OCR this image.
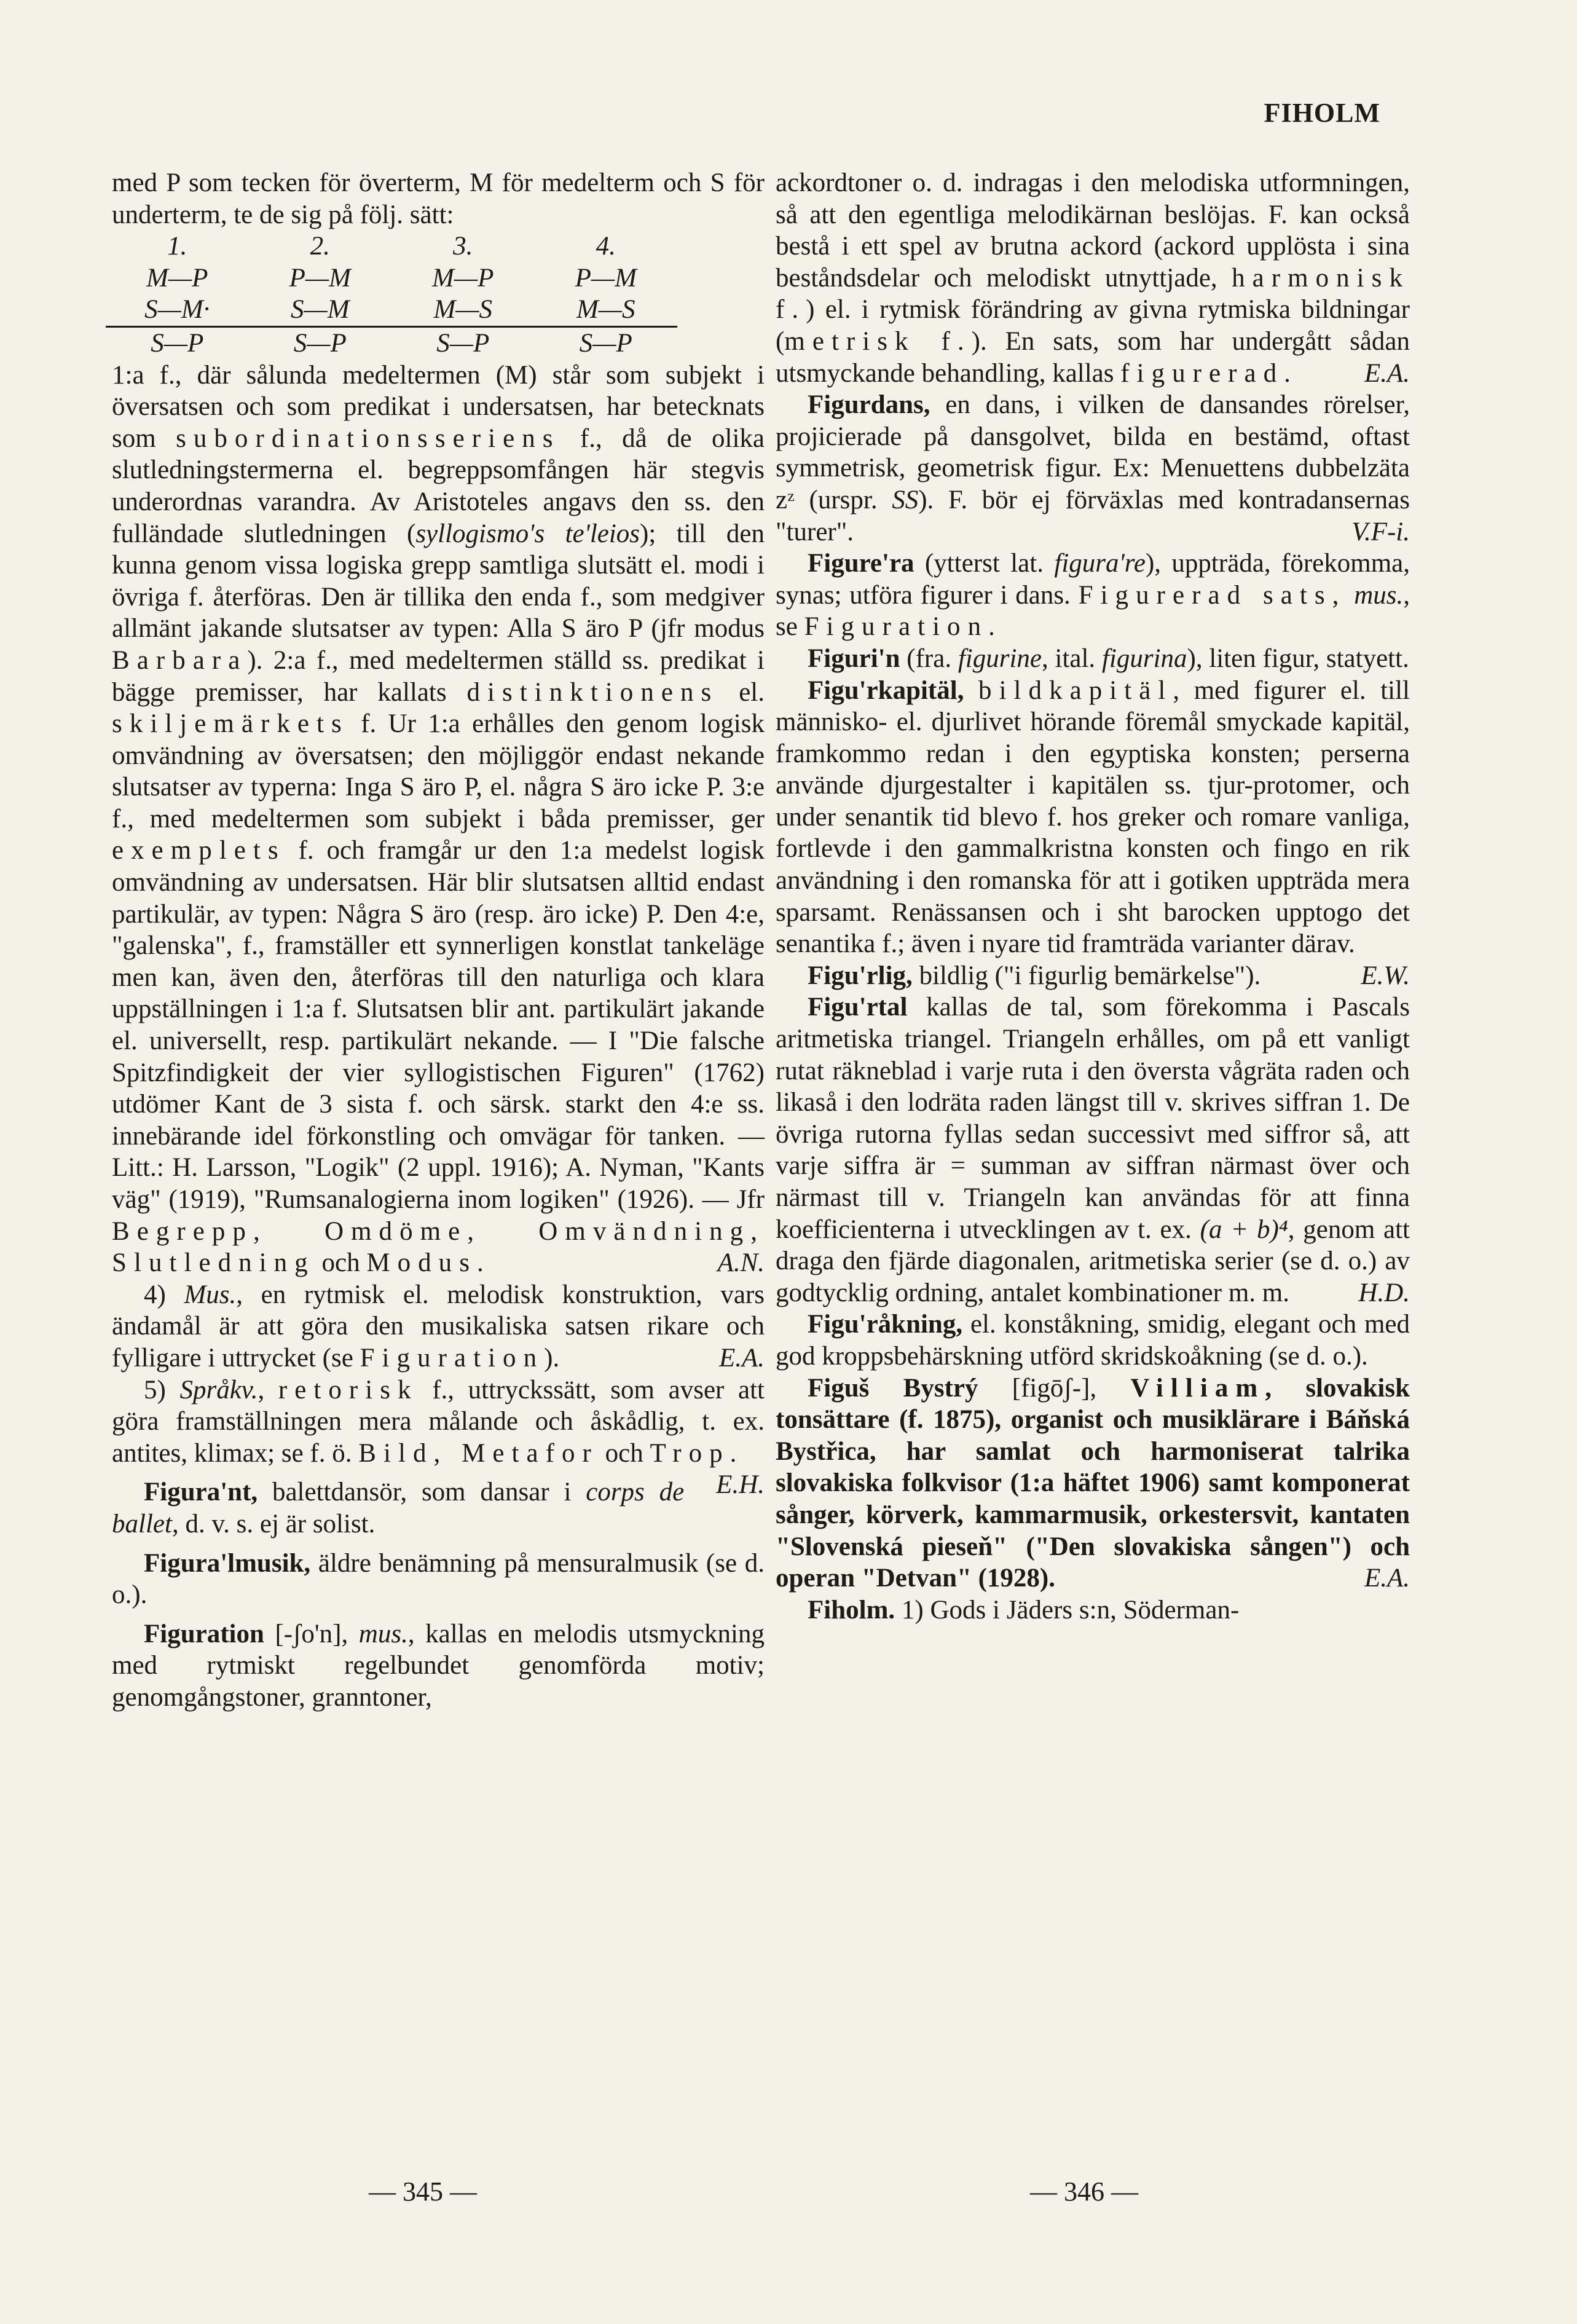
FIHOLM

med P som tecken för överterm, M för medelterm och S för underterm, te de sig på följ. sätt:

1.	2.	3.	4.
M—P	P—M	M—P	P—M
S—M·	S—M	M—S	M—S
S—P	S—P	S—P	S—P

1:a f., där sålunda medeltermen (M) står som subjekt i översatsen och som predikat i undersatsen, har betecknats som subordinationsseriens f., då de olika slutledningstermerna el. begreppsomfången här stegvis underordnas varandra. Av Aristoteles angavs den ss. den fulländade slutledningen (syllogismo's te'leios); till den kunna genom vissa logiska grepp samtliga slutsätt el. modi i övriga f. återföras. Den är tillika den enda f., som medgiver allmänt jakande slutsatser av typen: Alla S äro P (jfr modus Barbara). 2:a f., med medeltermen ställd ss. predikat i bägge premisser, har kallats distinktionens el. skiljemärkets f. Ur 1:a erhålles den genom logisk omvändning av översatsen; den möjliggör endast nekande slutsatser av typerna: Inga S äro P, el. några S äro icke P. 3:e f., med medeltermen som subjekt i båda premisser, ger exemplets f. och framgår ur den 1:a medelst logisk omvändning av undersatsen. Här blir slutsatsen alltid endast partikulär, av typen: Några S äro (resp. äro icke) P. Den 4:e, "galenska", f., framställer ett synnerligen konstlat tankeläge men kan, även den, återföras till den naturliga och klara uppställningen i 1:a f. Slutsatsen blir ant. partikulärt jakande el. universellt, resp. partikulärt nekande. — I "Die falsche Spitzfindigkeit der vier syllogistischen Figuren" (1762) utdömer Kant de 3 sista f. och särsk. starkt den 4:e ss. innebärande idel förkonstling och omvägar för tanken. — Litt.: H. Larsson, "Logik" (2 uppl. 1916); A. Nyman, "Kants väg" (1919), "Rumsanalogierna inom logiken" (1926). — Jfr Begrepp, Omdöme, Omvändning, Slutledning och Modus.	A.N.

4) Mus., en rytmisk el. melodisk konstruktion, vars ändamål är att göra den musikaliska satsen rikare och fylligare i uttrycket (se Figuration).	E.A.

5) Språkv., retorisk f., uttryckssätt, som avser att göra framställningen mera målande och åskådlig, t. ex. antites, klimax; se f. ö. Bild, Metafor och Trop.
E.H.

Figura'nt, balettdansör, som dansar i corps de ballet, d. v. s. ej är solist.

Figura'lmusik, äldre benämning på mensuralmusik (se d. o.).

Figuration [-ʃo'n], mus., kallas en melodis utsmyckning med rytmiskt regelbundet genomförda motiv; genomgångstoner, granntoner,

ackordtoner o. d. indragas i den melodiska utformningen, så att den egentliga melodikärnan beslöjas. F. kan också bestå i ett spel av brutna ackord (ackord upplösta i sina beståndsdelar och melodiskt utnyttjade, harmonisk f.) el. i rytmisk förändring av givna rytmiska bildningar (metrisk f.). En sats, som har undergått sådan utsmyckande behandling, kallas figurerad.	E.A.

Figurdans, en dans, i vilken de dansandes rörelser, projicierade på dansgolvet, bilda en bestämd, oftast symmetrisk, geometrisk figur. Ex: Menuettens dubbelzäta zᶻ (urspr. SS). F. bör ej förväxlas med kontradansernas "turer".	V.F-i.

Figure'ra (ytterst lat. figura're), uppträda, förekomma, synas; utföra figurer i dans. Figurerad sats, mus., se Figuration.

Figuri'n (fra. figurine, ital. figurina), liten figur, statyett.

Figu'rkapitäl, bildkapitäl, med figurer el. till människo- el. djurlivet hörande föremål smyckade kapitäl, framkommo redan i den egyptiska konsten; perserna använde djurgestalter i kapitälen ss. tjur-protomer, och under senantik tid blevo f. hos greker och romare vanliga, fortlevde i den gammalkristna konsten och fingo en rik användning i den romanska för att i gotiken uppträda mera sparsamt. Renässansen och i sht barocken upptogo det senantika f.; även i nyare tid framträda varianter därav.
E.W.

Figu'rlig, bildlig ("i figurlig bemärkelse").

Figu'rtal kallas de tal, som förekomma i Pascals aritmetiska triangel. Triangeln erhålles, om på ett vanligt rutat räkneblad i varje ruta i den översta vågräta raden och likaså i den lodräta raden längst till v. skrives siffran 1. De övriga rutorna fyllas sedan successivt med siffror så, att varje siffra är = summan av siffran närmast över och närmast till v. Triangeln kan användas för att finna koefficienterna i utvecklingen av t. ex. (a + b)⁴, genom att draga den fjärde diagonalen, aritmetiska serier (se d. o.) av godtycklig ordning, antalet kombinationer m. m.	H.D.

Figu'råkning, el. konståkning, smidig, elegant och med god kroppsbehärskning utförd skridskoåkning (se d. o.).

Figuš Bystrý [figōʃ-], Villiam, slovakisk tonsättare (f. 1875), organist och musiklärare i Báňská Bystřica, har samlat och harmoniserat talrika slovakiska folkvisor (1:a häftet 1906) samt komponerat sånger, körverk, kammarmusik, orkestersvit, kantaten "Slovenská pieseň" ("Den slovakiska sången") och operan "Detvan" (1928).	E.A.

Fiholm. 1) Gods i Jäders s:n, Söderman-

— 345 —	— 346 —
